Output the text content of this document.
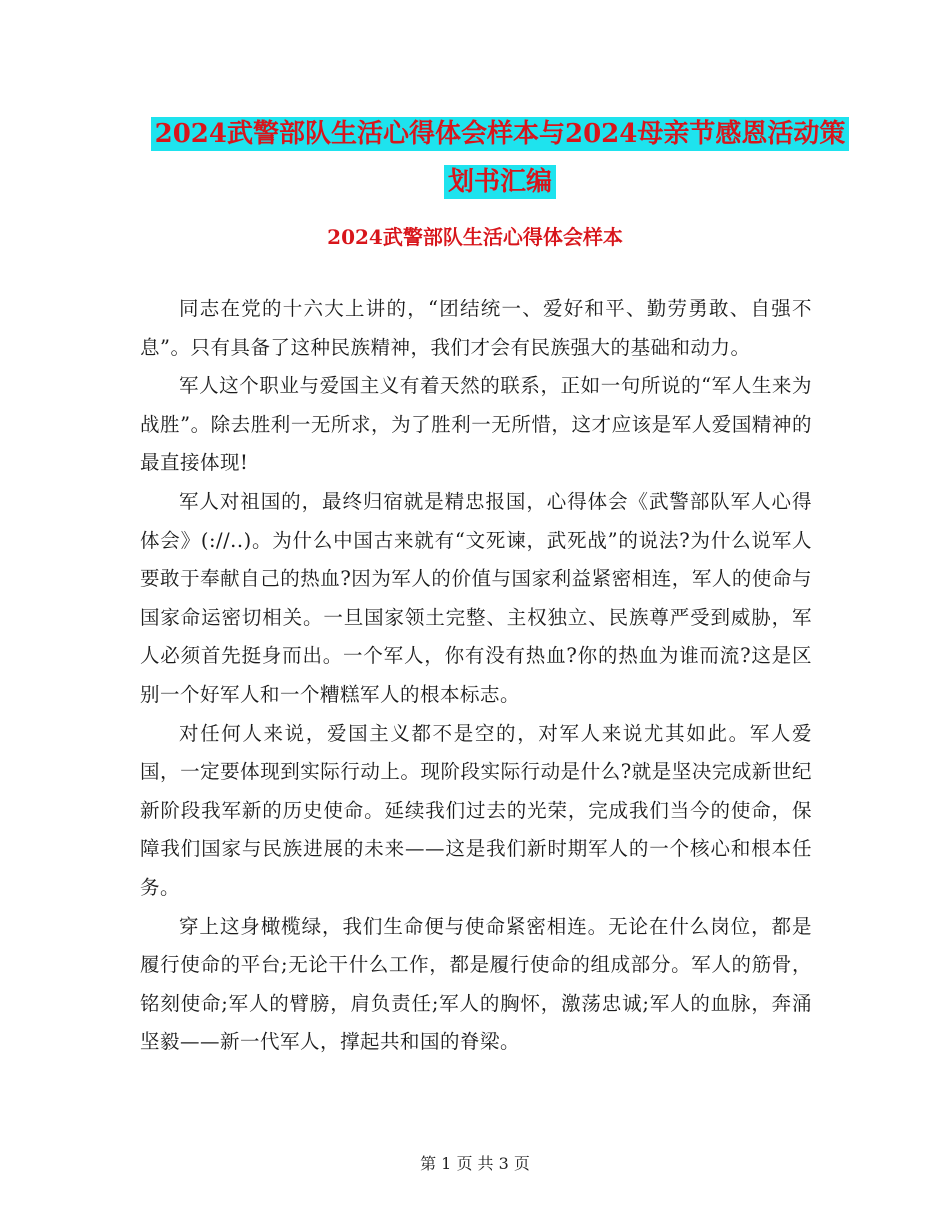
2024武警部队生活心得体会样本与2024母亲节感恩活动策划书汇编
2024武警部队生活心得体会样本

同志在党的十六大上讲的，“团结统一、爱好和平、勤劳勇敢、自强不息”。只有具备了这种民族精神，我们才会有民族强大的基础和动力。

军人这个职业与爱国主义有着天然的联系，正如一句所说的“军人生来为战胜”。除去胜利一无所求，为了胜利一无所惜，这才应该是军人爱国精神的最直接体现!

军人对祖国的，最终归宿就是精忠报国，心得体会《武警部队军人心得体会》(://..)。为什么中国古来就有“文死谏，武死战”的说法?为什么说军人要敢于奉献自己的热血?因为军人的价值与国家利益紧密相连，军人的使命与国家命运密切相关。一旦国家领土完整、主权独立、民族尊严受到威胁，军人必须首先挺身而出。一个军人，你有没有热血?你的热血为谁而流?这是区别一个好军人和一个糟糕军人的根本标志。

对任何人来说，爱国主义都不是空的，对军人来说尤其如此。军人爱国，一定要体现到实际行动上。现阶段实际行动是什么?就是坚决完成新世纪新阶段我军新的历史使命。延续我们过去的光荣，完成我们当今的使命，保障我们国家与民族进展的未来——这是我们新时期军人的一个核心和根本任务。

穿上这身橄榄绿，我们生命便与使命紧密相连。无论在什么岗位，都是履行使命的平台;无论干什么工作，都是履行使命的组成部分。军人的筋骨，铭刻使命;军人的臂膀，肩负责任;军人的胸怀，激荡忠诚;军人的血脉，奔涌坚毅——新一代军人，撑起共和国的脊梁。

第 1 页 共 3 页
